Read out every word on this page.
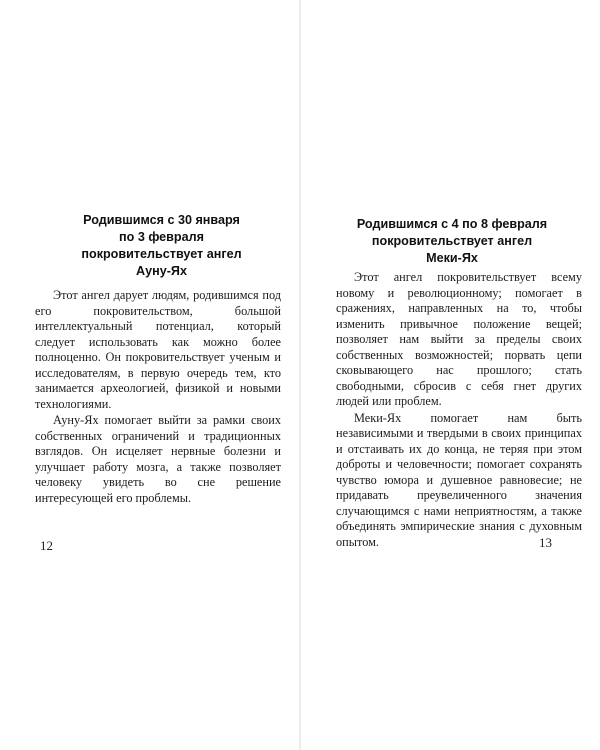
Родившимся с 30 января
по 3 февраля
покровительствует ангел
Ауну-Ях

Этот ангел дарует людям, родившимся под его покровительством, большой интеллектуальный потенциал, который следует использовать как можно более полноценно. Он покровительствует ученым и исследователям, в первую очередь тем, кто занимается археологией, физикой и новыми технологиями.

Ауну-Ях помогает выйти за рамки своих собственных ограничений и традиционных взглядов. Он исцеляет нервные болезни и улучшает работу мозга, а также позволяет человеку увидеть во сне решение интересующей его проблемы.

12
Родившимся с 4 по 8 февраля
покровительствует ангел
Меки-Ях

Этот ангел покровительствует всему новому и революционному; помогает в сражениях, направленных на то, чтобы изменить привычное положение вещей; позволяет нам выйти за пределы своих собственных возможностей; порвать цепи сковывающего нас прошлого; стать свободными, сбросив с себя гнет других людей или проблем.

Меки-Ях помогает нам быть независимыми и твердыми в своих принципах и отстаивать их до конца, не теряя при этом доброты и человечности; помогает сохранять чувство юмора и душевное равновесие; не придавать преувеличенного значения случающимся с нами неприятностям, а также объединять эмпирические знания с духовным опытом.	13
